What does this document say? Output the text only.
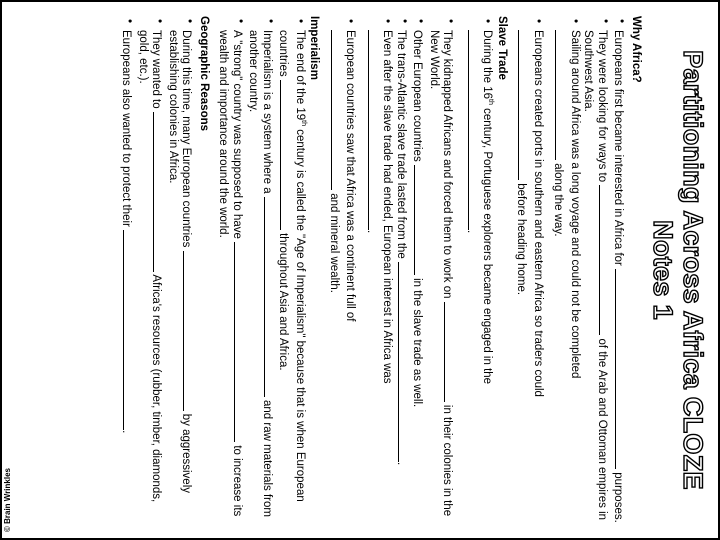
© Brain Wrinkles
Partitioning Across Africa CLOZE Notes 1
Why Africa?
• Europeans first became interested in Africa for  purposes.
• They were looking for ways to  of the Arab and Ottoman empires in Southwest Asia.
• Sailing around Africa was a long voyage and could not be completed
along the way.
• Europeans created ports in southern and eastern Africa so traders could
before heading home.
Slave Trade
• During the 16th century, Portuguese explorers became engaged in the
.
• They kidnapped Africans and forced them to work on  in their colonies in the New World.
• Other European countries  in the slave trade as well.
• The trans-Atlantic slave trade lasted from the .
• Even after the slave trade had ended, European interest in Africa was
.
• European countries saw that Africa was a continent full of
and mineral wealth.
Imperialism
• The end of the 19th century is called the "Age of Imperialism" because that is when European countries  throughout Asia and Africa.
• Imperialism is a system where a  and raw materials from another country.
• A "strong" country was supposed to have  to increase its wealth and importance around the world.
Geographic Reasons
• During this time, many European countries  by aggressively establishing colonies in Africa.
• They wanted to  Africa's resources (rubber, timber, diamonds, gold, etc.).
• Europeans also wanted to protect their .
